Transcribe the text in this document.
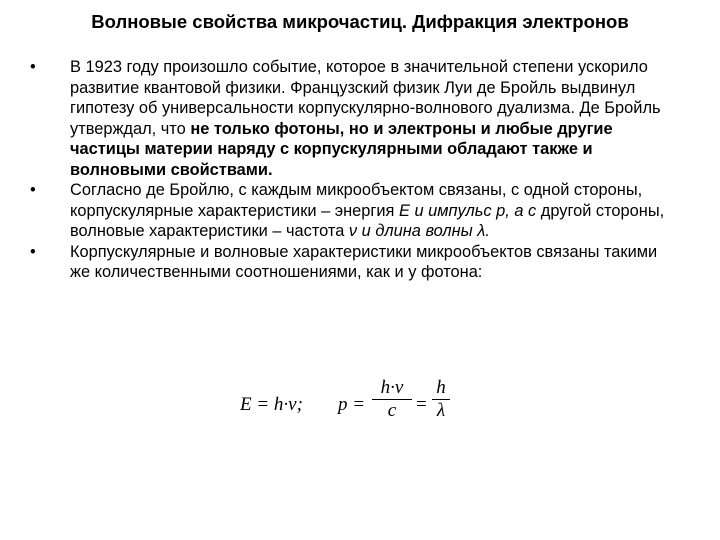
Волновые свойства микрочастиц. Дифракция электронов
•	В 1923 году произошло событие, которое в значительной степени ускорило развитие квантовой физики. Французский физик Луи де Бройль выдвинул гипотезу об универсальности корпускулярно-волнового дуализма. Де Бройль утверждал, что не только фотоны, но и электроны и любые другие частицы материи наряду с корпускулярными обладают также и волновыми свойствами.
•	Согласно де Бройлю, с каждым микрообъектом связаны, с одной стороны, корпускулярные характеристики – энергия E и импульс p, а с другой стороны, волновые характеристики – частота ν и длина волны λ.
•	Корпускулярные и волновые характеристики микрообъектов связаны такими же количественными соотношениями, как и у фотона:
E = h·ν; p =
h·ν
c	=
h
λ
